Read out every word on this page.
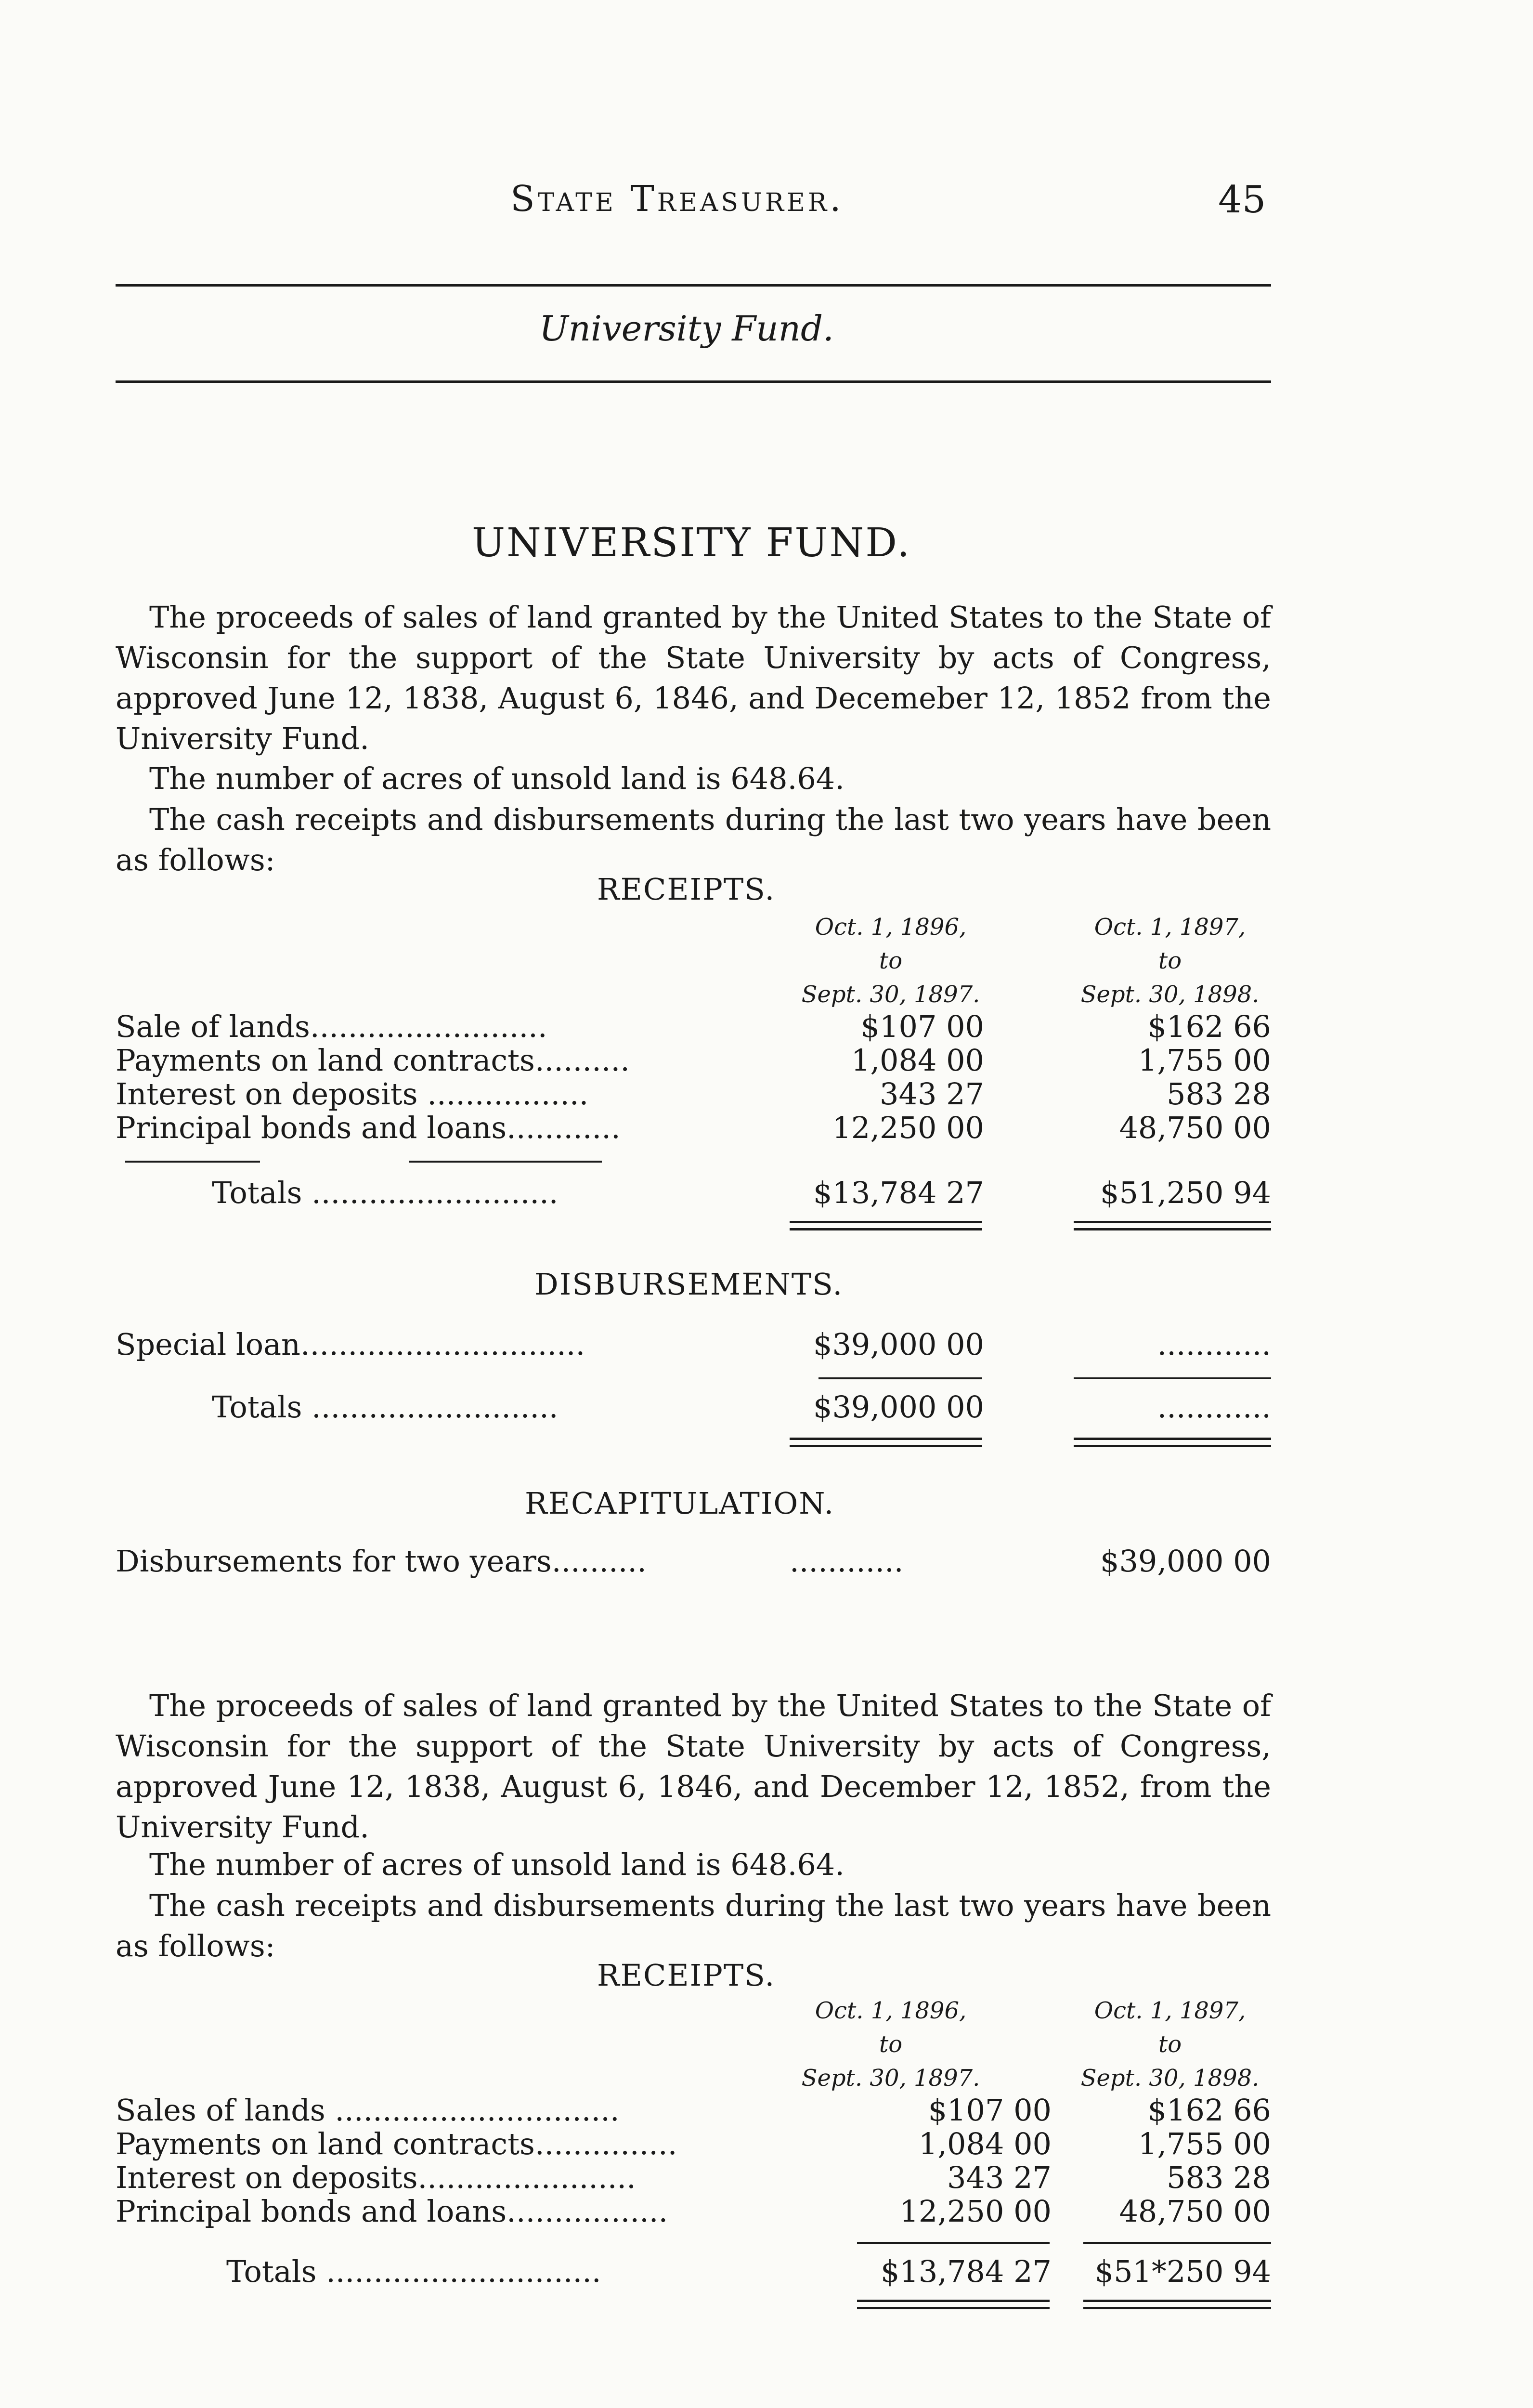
State Treasurer.	45
University Fund.
UNIVERSITY FUND.
The proceeds of sales of land granted by the United States to the State of Wisconsin for the support of the State University by acts of Congress, approved June 12, 1838, August 6, 1846, and Decemeber 12, 1852 from the University Fund.
The number of acres of unsold land is 648.64.
The cash receipts and disbursements during the last two years have been as follows:
RECEIPTS.
Oct. 1, 1896,
to
Sept. 30, 1897.
Oct. 1, 1897,
to
Sept. 30, 1898.
Sale of lands.........................	$107 00	$162 66
Payments on land contracts..........	1,084 00	1,755 00
Interest on deposits .................	343 27	583 28
Principal bonds and loans............	12,250 00	48,750 00
Totals ..........................	$13,784 27	$51,250 94
DISBURSEMENTS.
Special loan..............................	$39,000 00	............
Totals ..........................	$39,000 00	............
RECAPITULATION.
Disbursements for two years..........	............	$39,000 00
The proceeds of sales of land granted by the United States to the State of Wisconsin for the support of the State University by acts of Congress, approved June 12, 1838, August 6, 1846, and December 12, 1852, from the University Fund.
The number of acres of unsold land is 648.64.
The cash receipts and disbursements during the last two years have been as follows:
RECEIPTS.
Oct. 1, 1896,
to
Sept. 30, 1897.
Oct. 1, 1897,
to
Sept. 30, 1898.
Sales of lands ..............................	$107 00	$162 66
Payments on land contracts...............	1,084 00	1,755 00
Interest on deposits.......................	343 27	583 28
Principal bonds and loans.................	12,250 00 48,750 00
Totals .............................	$13,784 27 $51*250 94
